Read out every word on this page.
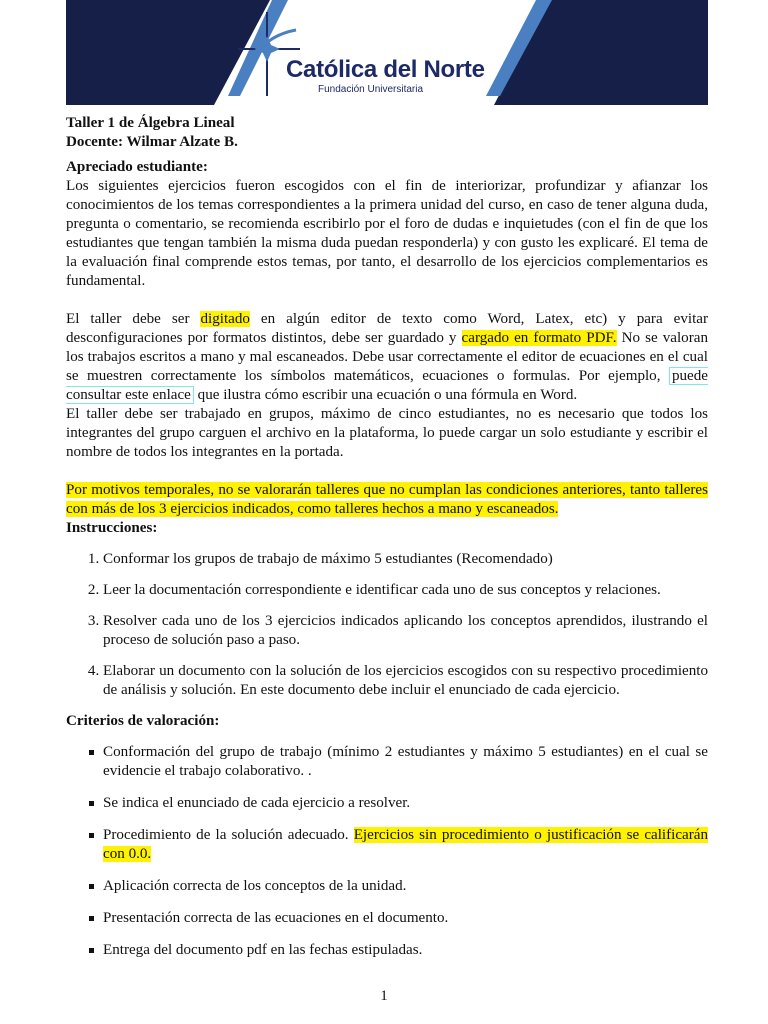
Católica del Norte
Fundación Universitaria

Taller 1 de Álgebra Lineal

Docente: Wilmar Alzate B.

Apreciado estudiante:

Los siguientes ejercicios fueron escogidos con el fin de interiorizar, profundizar y afianzar los conocimientos de los temas correspondientes a la primera unidad del curso, en caso de tener alguna duda, pregunta o comentario, se recomienda escribirlo por el foro de dudas e inquietudes (con el fin de que los estudiantes que tengan también la misma duda puedan responderla) y con gusto les explicaré. El tema de la evaluación final comprende estos temas, por tanto, el desarrollo de los ejercicios complementarios es fundamental.

El taller debe ser digitado en algún editor de texto como Word, Latex, etc) y para evitar desconfiguraciones por formatos distintos, debe ser guardado y cargado en formato PDF. No se valoran los trabajos escritos a mano y mal escaneados. Debe usar correctamente el editor de ecuaciones en el cual se muestren correctamente los símbolos matemáticos, ecuaciones o formulas. Por ejemplo, puede consultar este enlace que ilustra cómo escribir una ecuación o una fórmula en Word.

El taller debe ser trabajado en grupos, máximo de cinco estudiantes, no es necesario que todos los integrantes del grupo carguen el archivo en la plataforma, lo puede cargar un solo estudiante y escribir el nombre de todos los integrantes en la portada.

Por motivos temporales, no se valorarán talleres que no cumplan las condiciones anteriores, tanto talleres con más de los 3 ejercicios indicados, como talleres hechos a mano y escaneados.

Instrucciones:

1. Conformar los grupos de trabajo de máximo 5 estudiantes (Recomendado)
2. Leer la documentación correspondiente e identificar cada uno de sus conceptos y relaciones.
3. Resolver cada uno de los 3 ejercicios indicados aplicando los conceptos aprendidos, ilustrando el proceso de solución paso a paso.
4. Elaborar un documento con la solución de los ejercicios escogidos con su respectivo procedimiento de análisis y solución. En este documento debe incluir el enunciado de cada ejercicio.

Criterios de valoración:

Conformación del grupo de trabajo (mínimo 2 estudiantes y máximo 5 estudiantes) en el cual se evidencie el trabajo colaborativo. .
Se indica el enunciado de cada ejercicio a resolver.
Procedimiento de la solución adecuado. Ejercicios sin procedimiento o justificación se calificarán con 0.0.
Aplicación correcta de los conceptos de la unidad.
Presentación correcta de las ecuaciones en el documento.
Entrega del documento pdf en las fechas estipuladas.
1
